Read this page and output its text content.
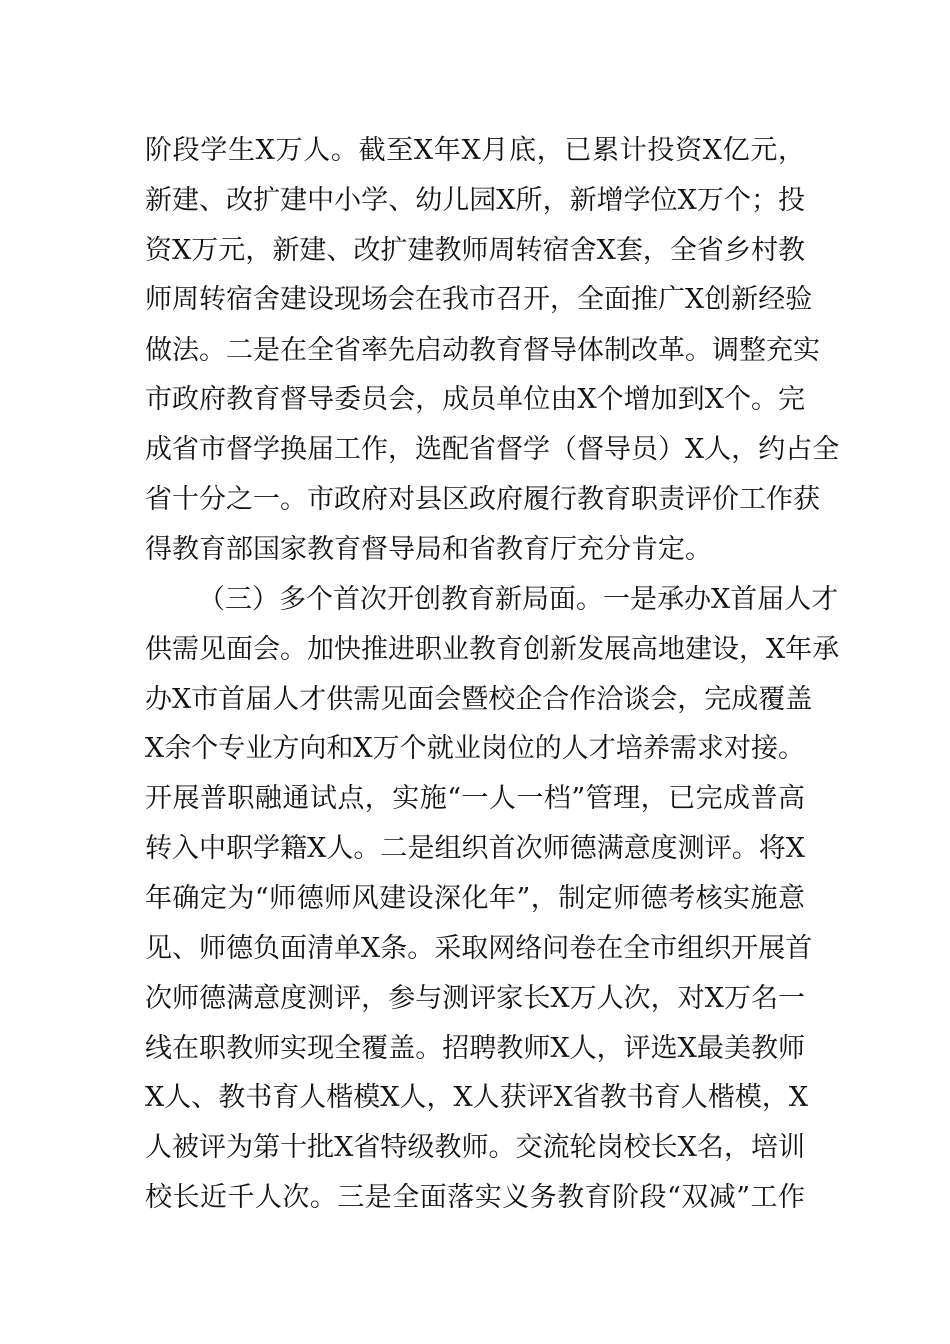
阶段学生X万人。截至X年X月底，已累计投资X亿元，
新建、改扩建中小学、幼儿园X所，新增学位X万个；投
资X万元，新建、改扩建教师周转宿舍X套，全省乡村教
师周转宿舍建设现场会在我市召开，全面推广X创新经验
做法。二是在全省率先启动教育督导体制改革。调整充实
市政府教育督导委员会，成员单位由X个增加到X个。完
成省市督学换届工作，选配省督学（督导员）X人，约占全
省十分之一。市政府对县区政府履行教育职责评价工作获
得教育部国家教育督导局和省教育厅充分肯定。
（三）多个首次开创教育新局面。一是承办X首届人才
供需见面会。加快推进职业教育创新发展高地建设，X年承
办X市首届人才供需见面会暨校企合作洽谈会，完成覆盖
X余个专业方向和X万个就业岗位的人才培养需求对接。
开展普职融通试点，实施“一人一档”管理，已完成普高
转入中职学籍X人。二是组织首次师德满意度测评。将X
年确定为“师德师风建设深化年”，制定师德考核实施意
见、师德负面清单X条。采取网络问卷在全市组织开展首
次师德满意度测评，参与测评家长X万人次，对X万名一
线在职教师实现全覆盖。招聘教师X人，评选X最美教师
X人、教书育人楷模X人，X人获评X省教书育人楷模，X
人被评为第十批X省特级教师。交流轮岗校长X名，培训
校长近千人次。三是全面落实义务教育阶段“双减”工作
